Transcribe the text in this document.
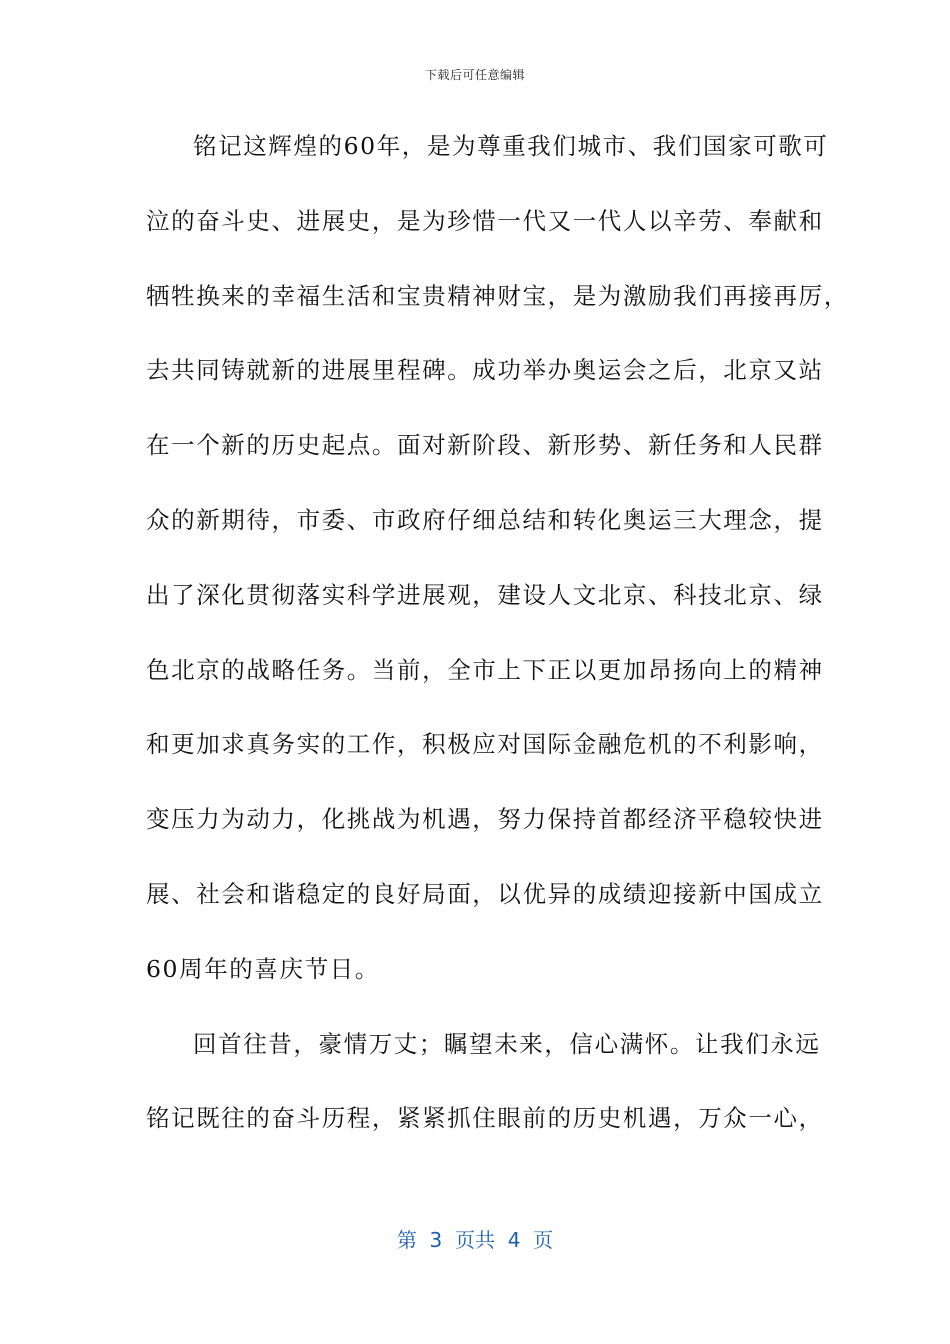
下载后可任意编辑
铭记这辉煌的60年，是为尊重我们城市、我们国家可歌可
泣的奋斗史、进展史，是为珍惜一代又一代人以辛劳、奉献和
牺牲换来的幸福生活和宝贵精神财宝，是为激励我们再接再厉，
去共同铸就新的进展里程碑。成功举办奥运会之后，北京又站
在一个新的历史起点。面对新阶段、新形势、新任务和人民群
众的新期待，市委、市政府仔细总结和转化奥运三大理念，提
出了深化贯彻落实科学进展观，建设人文北京、科技北京、绿
色北京的战略任务。当前，全市上下正以更加昂扬向上的精神
和更加求真务实的工作，积极应对国际金融危机的不利影响，
变压力为动力，化挑战为机遇，努力保持首都经济平稳较快进
展、社会和谐稳定的良好局面，以优异的成绩迎接新中国成立
60周年的喜庆节日。
回首往昔，豪情万丈；瞩望未来，信心满怀。让我们永远
铭记既往的奋斗历程，紧紧抓住眼前的历史机遇，万众一心，
第  3  页共  4  页
